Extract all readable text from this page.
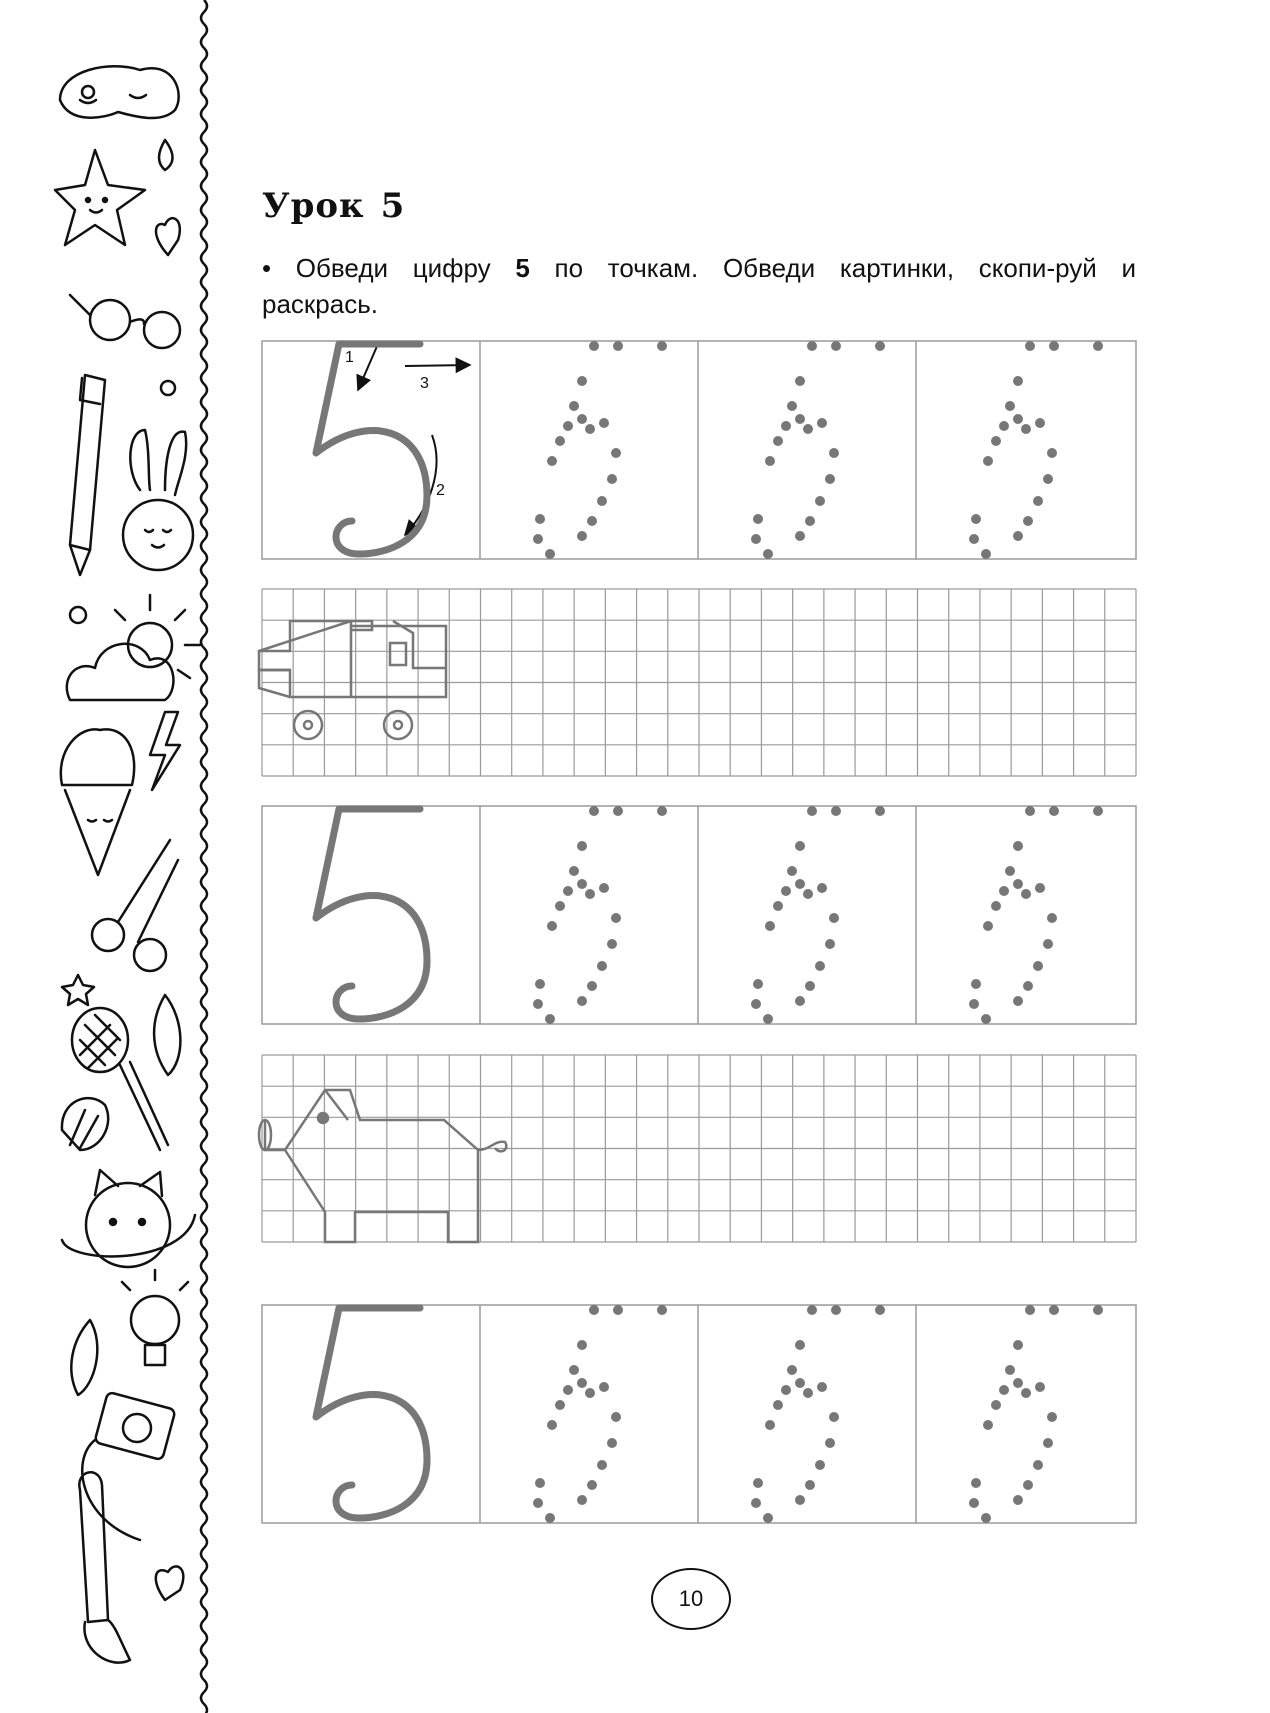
Урок 5

• Обведи цифру 5 по точкам. Обведи картинки, скопи-руй и раскрась.

1
2
3
10
